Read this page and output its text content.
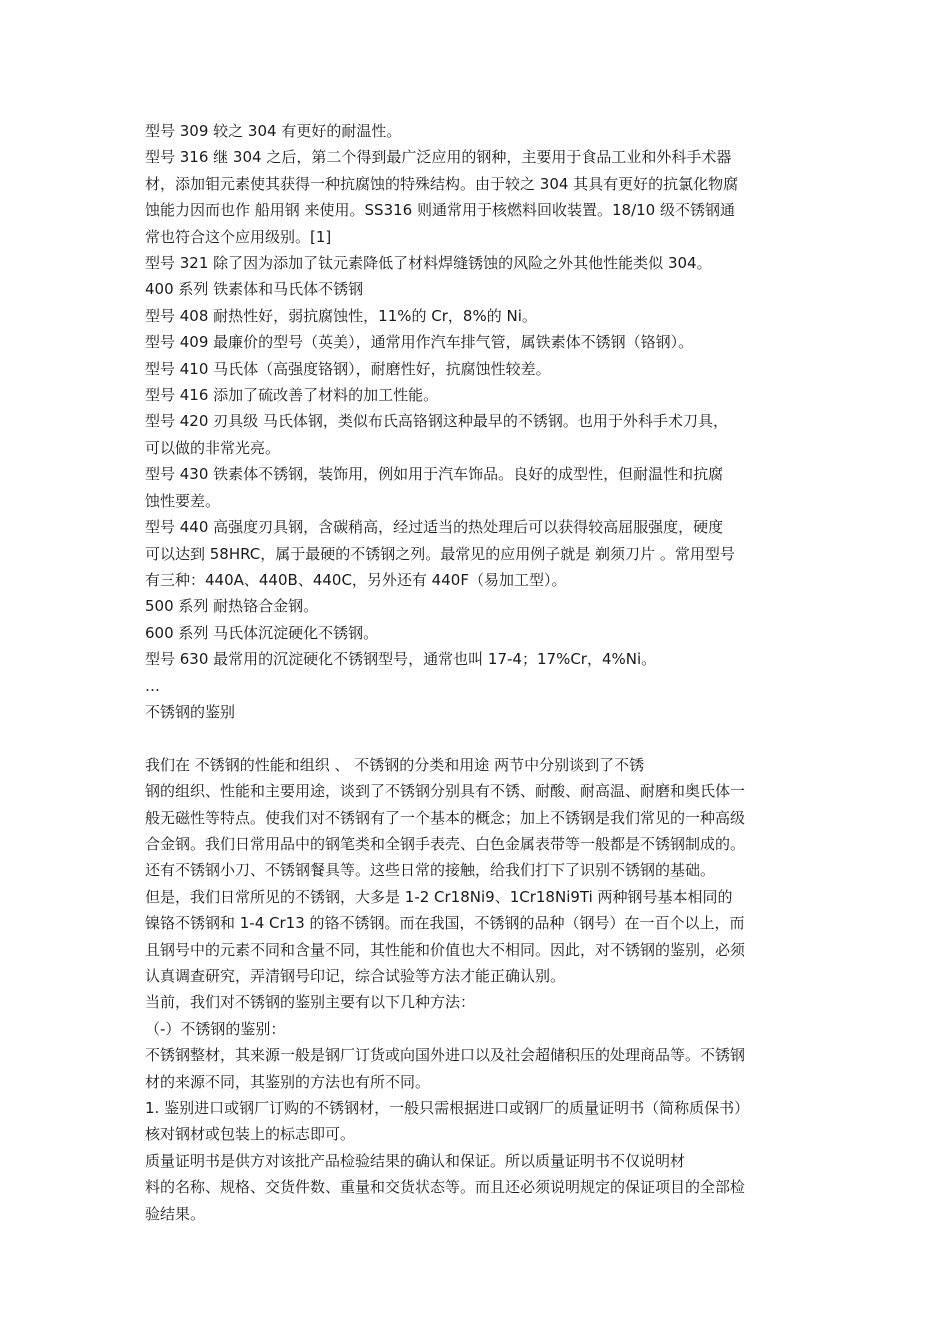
型号 309 较之 304 有更好的耐温性。
型号 316 继 304 之后，第二个得到最广泛应用的钢种，主要用于食品工业和外科手术器
材，添加钼元素使其获得一种抗腐蚀的特殊结构。由于较之 304 其具有更好的抗氯化物腐
蚀能力因而也作 船用钢 来使用。SS316 则通常用于核燃料回收装置。18/10 级不锈钢通
常也符合这个应用级别。[1]
型号 321 除了因为添加了钛元素降低了材料焊缝锈蚀的风险之外其他性能类似 304。
400 系列 铁素体和马氏体不锈钢
型号 408 耐热性好，弱抗腐蚀性，11%的 Cr，8%的 Ni。
型号 409 最廉价的型号（英美），通常用作汽车排气管，属铁素体不锈钢（铬钢）。
型号 410 马氏体（高强度铬钢），耐磨性好，抗腐蚀性较差。
型号 416 添加了硫改善了材料的加工性能。
型号 420 刃具级 马氏体钢，类似布氏高铬钢这种最早的不锈钢。也用于外科手术刀具，
可以做的非常光亮。
型号 430 铁素体不锈钢，装饰用，例如用于汽车饰品。良好的成型性，但耐温性和抗腐
蚀性要差。
型号 440 高强度刃具钢，含碳稍高，经过适当的热处理后可以获得较高屈服强度，硬度
可以达到 58HRC，属于最硬的不锈钢之列。最常见的应用例子就是 剃须刀片 。常用型号
有三种：440A、440B、440C，另外还有 440F（易加工型）。
500 系列 耐热铬合金钢。
600 系列 马氏体沉淀硬化不锈钢。
型号 630 最常用的沉淀硬化不锈钢型号，通常也叫 17-4；17%Cr，4%Ni。
…
不锈钢的鉴别
我们在 不锈钢的性能和组织 、 不锈钢的分类和用途 两节中分别谈到了不锈
钢的组织、性能和主要用途，谈到了不锈钢分别具有不锈、耐酸、耐高温、耐磨和奥氏体一
般无磁性等特点。使我们对不锈钢有了一个基本的概念；加上不锈钢是我们常见的一种高级
合金钢。我们日常用品中的钢笔类和全钢手表壳、白色金属表带等一般都是不锈钢制成的。
还有不锈钢小刀、不锈钢餐具等。这些日常的接触，给我们打下了识别不锈钢的基础。
但是，我们日常所见的不锈钢，大多是 1-2 Cr18Ni9、1Cr18Ni9Ti 两种钢号基本相同的
镍铬不锈钢和 1-4 Cr13 的铬不锈钢。而在我国，不锈钢的品种（钢号）在一百个以上，而
且钢号中的元素不同和含量不同，其性能和价值也大不相同。因此，对不锈钢的鉴别，必须
认真调查研究，弄清钢号印记，综合试验等方法才能正确认别。
当前，我们对不锈钢的鉴别主要有以下几种方法：
（-）不锈钢的鉴别：
不锈钢整材，其来源一般是钢厂订货或向国外进口以及社会超储积压的处理商品等。不锈钢
材的来源不同，其鉴别的方法也有所不同。
1. 鉴别进口或钢厂订购的不锈钢材，一般只需根据进口或钢厂的质量证明书（简称质保书）
核对钢材或包装上的标志即可。
质量证明书是供方对该批产品检验结果的确认和保证。所以质量证明书不仅说明材
料的名称、规格、交货件数、重量和交货状态等。而且还必须说明规定的保证项目的全部检
验结果。
